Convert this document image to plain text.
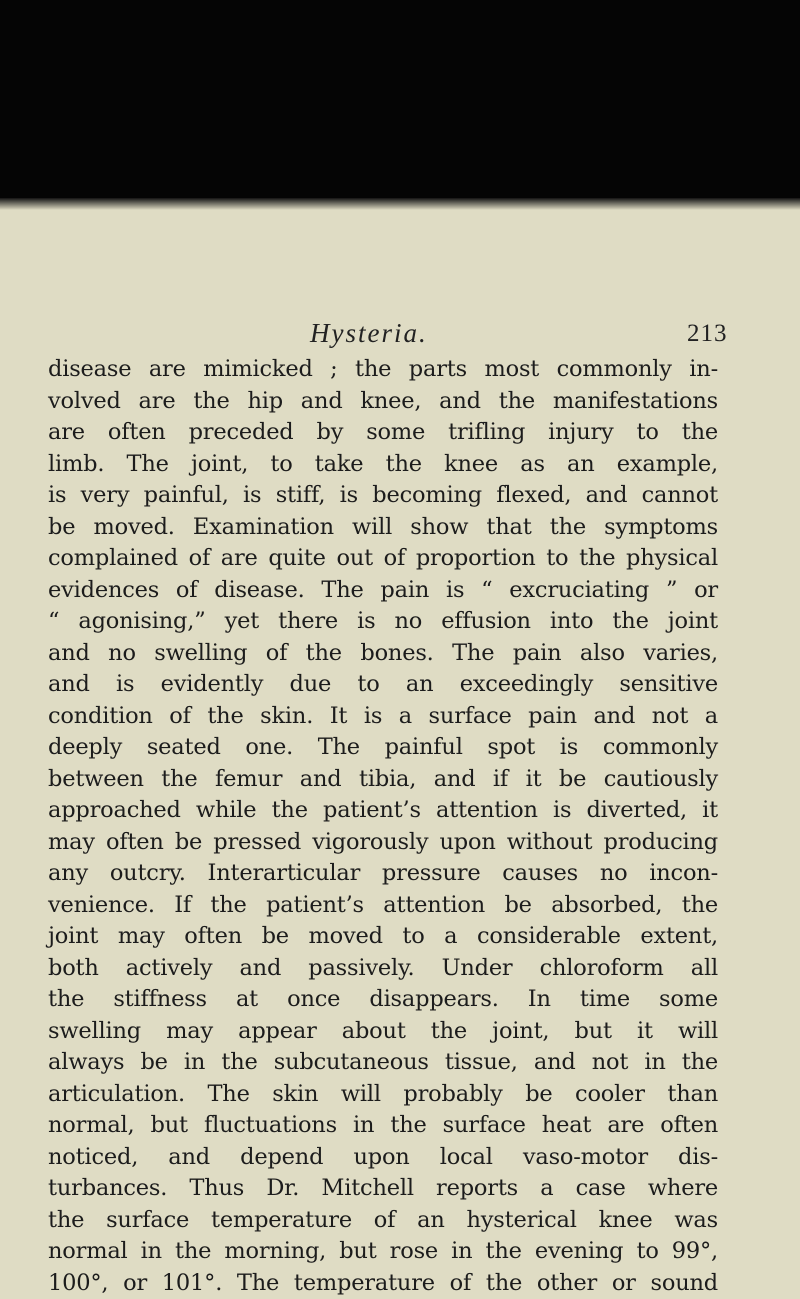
Hysteria.	213
disease are mimicked ; the parts most commonly in-
volved are the hip and knee, and the manifestations
are often preceded by some trifling injury to the
limb. The joint, to take the knee as an example,
is very painful, is stiff, is becoming flexed, and cannot
be moved. Examination will show that the symptoms
complained of are quite out of proportion to the physical
evidences of disease. The pain is “ excruciating ” or
“ agonising,” yet there is no effusion into the joint
and no swelling of the bones. The pain also varies,
and is evidently due to an exceedingly sensitive
condition of the skin. It is a surface pain and not a
deeply seated one. The painful spot is commonly
between the femur and tibia, and if it be cautiously
approached while the patient’s attention is diverted, it
may often be pressed vigorously upon without producing
any outcry. Interarticular pressure causes no incon-
venience. If the patient’s attention be absorbed, the
joint may often be moved to a considerable extent,
both actively and passively. Under chloroform all
the stiffness at once disappears. In time some
swelling may appear about the joint, but it will
always be in the subcutaneous tissue, and not in the
articulation. The skin will probably be cooler than
normal, but fluctuations in the surface heat are often
noticed, and depend upon local vaso-motor dis-
turbances. Thus Dr. Mitchell reports a case where
the surface temperature of an hysterical knee was
normal in the morning, but rose in the evening to 99°,
100°, or 101°. The temperature of the other or sound
